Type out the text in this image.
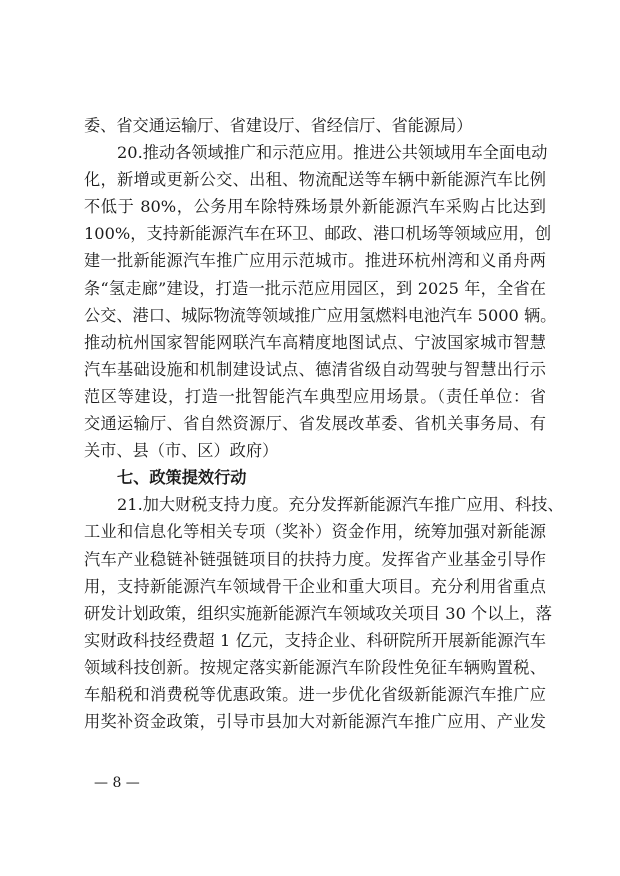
委、省交通运输厅、省建设厅、省经信厅、省能源局）
20.推动各领域推广和示范应用。推进公共领域用车全面电动
化，新增或更新公交、出租、物流配送等车辆中新能源汽车比例
不低于 80%，公务用车除特殊场景外新能源汽车采购占比达到
100%，支持新能源汽车在环卫、邮政、港口机场等领域应用，创
建一批新能源汽车推广应用示范城市。推进环杭州湾和义甬舟两
条“氢走廊”建设，打造一批示范应用园区，到 2025 年，全省在
公交、港口、城际物流等领域推广应用氢燃料电池汽车 5000 辆。
推动杭州国家智能网联汽车高精度地图试点、宁波国家城市智慧
汽车基础设施和机制建设试点、德清省级自动驾驶与智慧出行示
范区等建设，打造一批智能汽车典型应用场景。（责任单位：省
交通运输厅、省自然资源厅、省发展改革委、省机关事务局、有
关市、县（市、区）政府）
七、政策提效行动
21.加大财税支持力度。充分发挥新能源汽车推广应用、科技、
工业和信息化等相关专项（奖补）资金作用，统筹加强对新能源
汽车产业稳链补链强链项目的扶持力度。发挥省产业基金引导作
用，支持新能源汽车领域骨干企业和重大项目。充分利用省重点
研发计划政策，组织实施新能源汽车领域攻关项目 30 个以上，落
实财政科技经费超 1 亿元，支持企业、科研院所开展新能源汽车
领域科技创新。按规定落实新能源汽车阶段性免征车辆购置税、
车船税和消费税等优惠政策。进一步优化省级新能源汽车推广应
用奖补资金政策，引导市县加大对新能源汽车推广应用、产业发
— 8 —
